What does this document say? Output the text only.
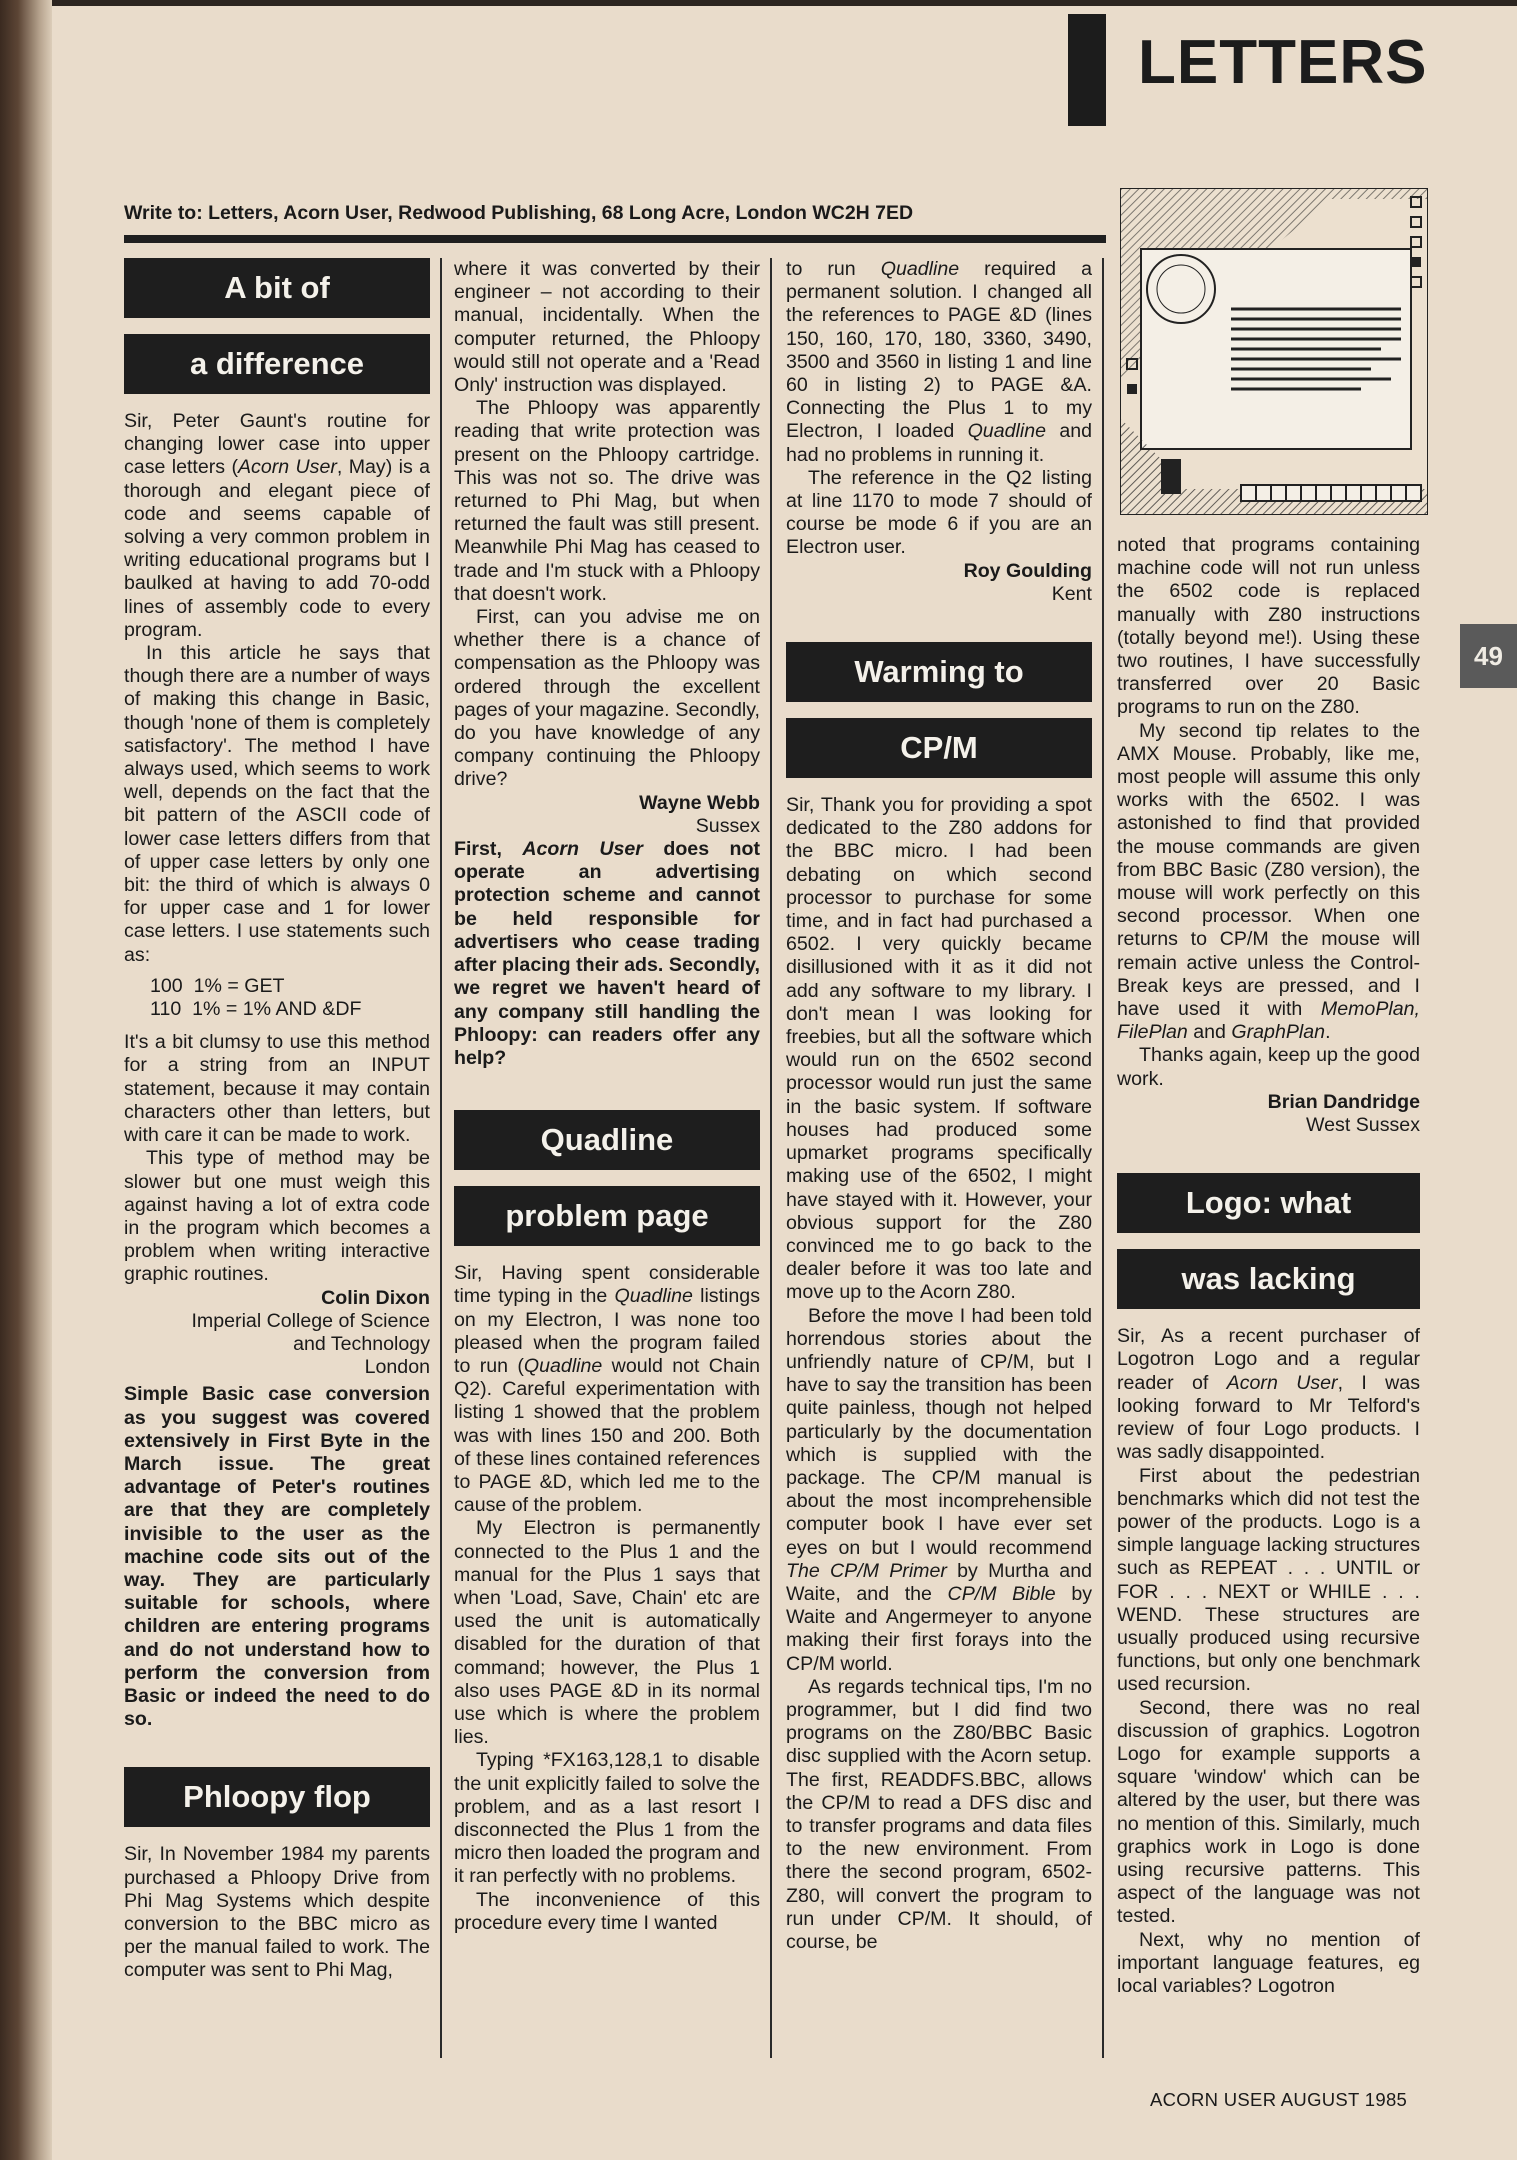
LETTERS
Write to: Letters, Acorn User, Redwood Publishing, 68 Long Acre, London WC2H 7ED
A bit of
a difference

Sir, Peter Gaunt's routine for changing lower case into upper case letters (Acorn User, May) is a thorough and elegant piece of code and seems capable of solving a very common problem in writing educational programs but I baulked at having to add 70-odd lines of assembly code to every program.

In this article he says that though there are a number of ways of making this change in Basic, though 'none of them is completely satisfactory'. The method I have always used, which seems to work well, depends on the fact that the bit pattern of the ASCII code of lower case letters differs from that of upper case letters by only one bit: the third of which is always 0 for upper case and 1 for lower case letters. I use statements such as:

100  1% = GET

110  1% = 1% AND &DF

It's a bit clumsy to use this method for a string from an INPUT statement, because it may contain characters other than letters, but with care it can be made to work.

This type of method may be slower but one must weigh this against having a lot of extra code in the program which becomes a problem when writing interactive graphic routines.

Colin Dixon

Imperial College of Science

and Technology

London

Simple Basic case conversion as you suggest was covered extensively in First Byte in the March issue. The great advantage of Peter's routines are that they are completely invisible to the user as the machine code sits out of the way. They are particularly suitable for schools, where children are entering programs and do not understand how to perform the conversion from Basic or indeed the need to do so.

Phloopy flop

Sir, In November 1984 my parents purchased a Phloopy Drive from Phi Mag Systems which despite conversion to the BBC micro as per the manual failed to work. The computer was sent to Phi Mag,

where it was converted by their engineer – not according to their manual, incidentally. When the computer returned, the Phloopy would still not operate and a 'Read Only' instruction was displayed.

The Phloopy was apparently reading that write protection was present on the Phloopy cartridge. This was not so. The drive was returned to Phi Mag, but when returned the fault was still present. Meanwhile Phi Mag has ceased to trade and I'm stuck with a Phloopy that doesn't work.

First, can you advise me on whether there is a chance of compensation as the Phloopy was ordered through the excellent pages of your magazine. Secondly, do you have knowledge of any company continuing the Phloopy drive?

Wayne Webb

Sussex

First, Acorn User does not operate an advertising protection scheme and cannot be held responsible for advertisers who cease trading after placing their ads. Secondly, we regret we haven't heard of any company still handling the Phloopy: can readers offer any help?

Quadline
problem page

Sir, Having spent considerable time typing in the Quadline listings on my Electron, I was none too pleased when the program failed to run (Quadline would not Chain Q2). Careful experimentation with listing 1 showed that the problem was with lines 150 and 200. Both of these lines contained references to PAGE &D, which led me to the cause of the problem.

My Electron is permanently connected to the Plus 1 and the manual for the Plus 1 says that when 'Load, Save, Chain' etc are used the unit is automatically disabled for the duration of that command; however, the Plus 1 also uses PAGE &D in its normal use which is where the problem lies.

Typing *FX163,128,1 to disable the unit explicitly failed to solve the problem, and as a last resort I disconnected the Plus 1 from the micro then loaded the program and it ran perfectly with no problems.

The inconvenience of this procedure every time I wanted

to run Quadline required a permanent solution. I changed all the references to PAGE &D (lines 150, 160, 170, 180, 3360, 3490, 3500 and 3560 in listing 1 and line 60 in listing 2) to PAGE &A. Connecting the Plus 1 to my Electron, I loaded Quadline and had no problems in running it.

The reference in the Q2 listing at line 1170 to mode 7 should of course be mode 6 if you are an Electron user.

Roy Goulding

Kent

Warming to
CP/M

Sir, Thank you for providing a spot dedicated to the Z80 addons for the BBC micro. I had been debating on which second processor to purchase for some time, and in fact had purchased a 6502. I very quickly became disillusioned with it as it did not add any software to my library. I don't mean I was looking for freebies, but all the software which would run on the 6502 second processor would run just the same in the basic system. If software houses had produced some upmarket programs specifically making use of the 6502, I might have stayed with it. However, your obvious support for the Z80 convinced me to go back to the dealer before it was too late and move up to the Acorn Z80.

Before the move I had been told horrendous stories about the unfriendly nature of CP/M, but I have to say the transition has been quite painless, though not helped particularly by the documentation which is supplied with the package. The CP/M manual is about the most incomprehensible computer book I have ever set eyes on but I would recommend The CP/M Primer by Murtha and Waite, and the CP/M Bible by Waite and Angermeyer to anyone making their first forays into the CP/M world.

As regards technical tips, I'm no programmer, but I did find two programs on the Z80/BBC Basic disc supplied with the Acorn setup. The first, READDFS.BBC, allows the CP/M to read a DFS disc and to transfer programs and data files to the new environment. From there the second program, 6502-Z80, will convert the program to run under CP/M. It should, of course, be

noted that programs containing machine code will not run unless the 6502 code is replaced manually with Z80 instructions (totally beyond me!). Using these two routines, I have successfully transferred over 20 Basic programs to run on the Z80.

My second tip relates to the AMX Mouse. Probably, like me, most people will assume this only works with the 6502. I was astonished to find that provided the mouse commands are given from BBC Basic (Z80 version), the mouse will work perfectly on this second processor. When one returns to CP/M the mouse will remain active unless the Control-Break keys are pressed, and I have used it with MemoPlan, FilePlan and GraphPlan.

Thanks again, keep up the good work.

Brian Dandridge

West Sussex

Logo: what
was lacking

Sir, As a recent purchaser of Logotron Logo and a regular reader of Acorn User, I was looking forward to Mr Telford's review of four Logo products. I was sadly disappointed.

First about the pedestrian benchmarks which did not test the power of the products. Logo is a simple language lacking structures such as REPEAT . . . UNTIL or FOR . . . NEXT or WHILE . . . WEND. These structures are usually produced using recursive functions, but only one benchmark used recursion.

Second, there was no real discussion of graphics. Logotron Logo for example supports a square 'window' which can be altered by the user, but there was no mention of this. Similarly, much graphics work in Logo is done using recursive patterns. This aspect of the language was not tested.

Next, why no mention of important language features, eg local variables? Logotron

49
ACORN USER AUGUST 1985
